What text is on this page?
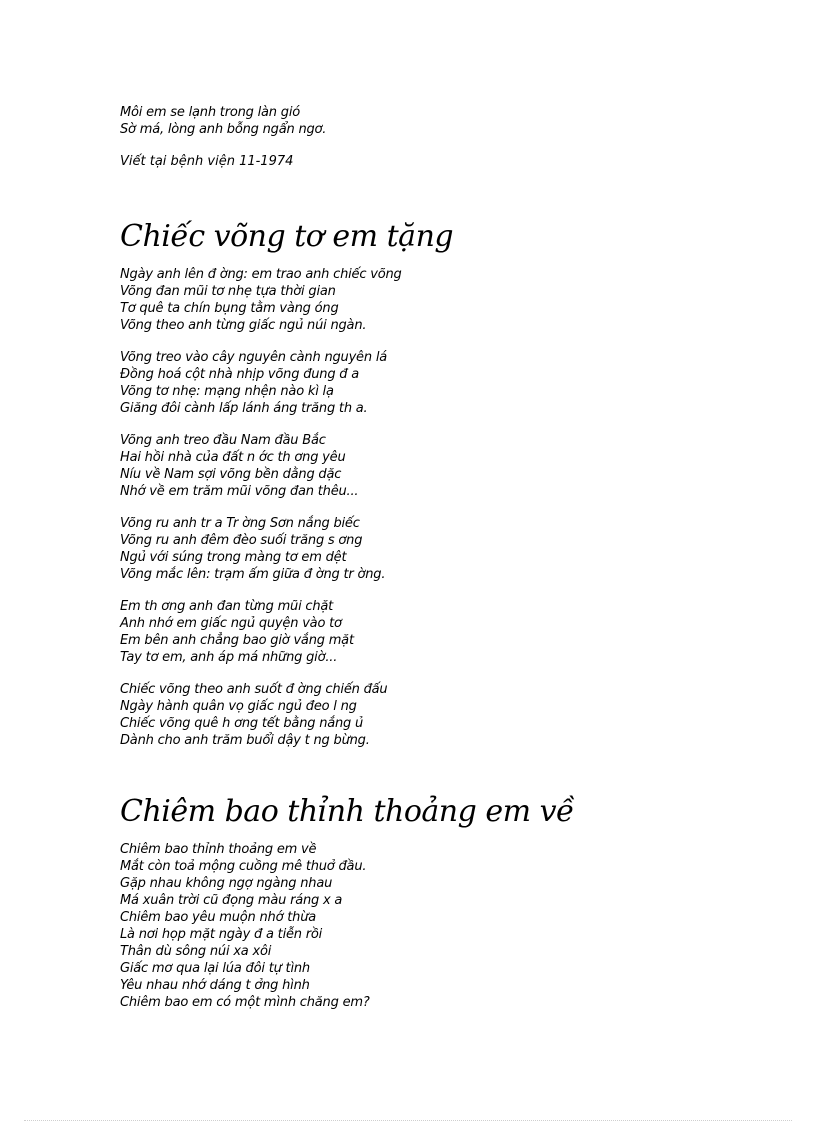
Môi em se lạnh trong làn gió
Sờ má, lòng anh bỗng ngẩn ngơ.

Viết tại bệnh viện 11-1974

Chiếc võng tơ em tặng
Ngày anh lên đ ờng: em trao anh chiếc võng
Võng đan mũi tơ nhẹ tựa thời gian
Tơ quê ta chín bụng tằm vàng óng
Võng theo anh từng giấc ngủ núi ngàn.
Võng treo vào cây nguyên cành nguyên lá
Đồng hoá cột nhà nhịp võng đung đ a
Võng tơ nhẹ: mạng nhện nào kì lạ
Giăng đôi cành lấp lánh áng trăng th a.
Võng anh treo đầu Nam đầu Bắc
Hai hồi nhà của đất n ớc th ơng yêu
Níu về Nam sợi võng bền dằng dặc
Nhớ về em trăm mũi võng đan thêu...
Võng ru anh tr a Tr ờng Sơn nắng biếc
Võng ru anh đêm đèo suối trăng s ơng
Ngủ với súng trong màng tơ em dệt
Võng mắc lên: trạm ấm giữa đ ờng tr ờng.
Em th ơng anh đan từng mũi chặt
Anh nhớ em giấc ngủ quyện vào tơ
Em bên anh chẳng bao giờ vắng mặt
Tay tơ em, anh áp má những giờ...
Chiếc võng theo anh suốt đ ờng chiến đấu
Ngày hành quân vọ giấc ngủ đeo l ng
Chiếc võng quê h ơng tết bằng nắng ủ
Dành cho anh trăm buổi dậy t ng bừng.
Chiêm bao thỉnh thoảng em về
Chiêm bao thỉnh thoảng em về
Mắt còn toả mộng cuồng mê thuở đầu.
Gặp nhau không ngợ ngàng nhau
Má xuân trời cũ đọng màu ráng x a
Chiêm bao yêu muộn nhớ thừa
Là nơi họp mặt ngày đ a tiễn rồi
Thân dù sông núi xa xôi
Giấc mơ qua lại lúa đôi tự tình
Yêu nhau nhớ dáng t ởng hình
Chiêm bao em có một mình chăng em?
